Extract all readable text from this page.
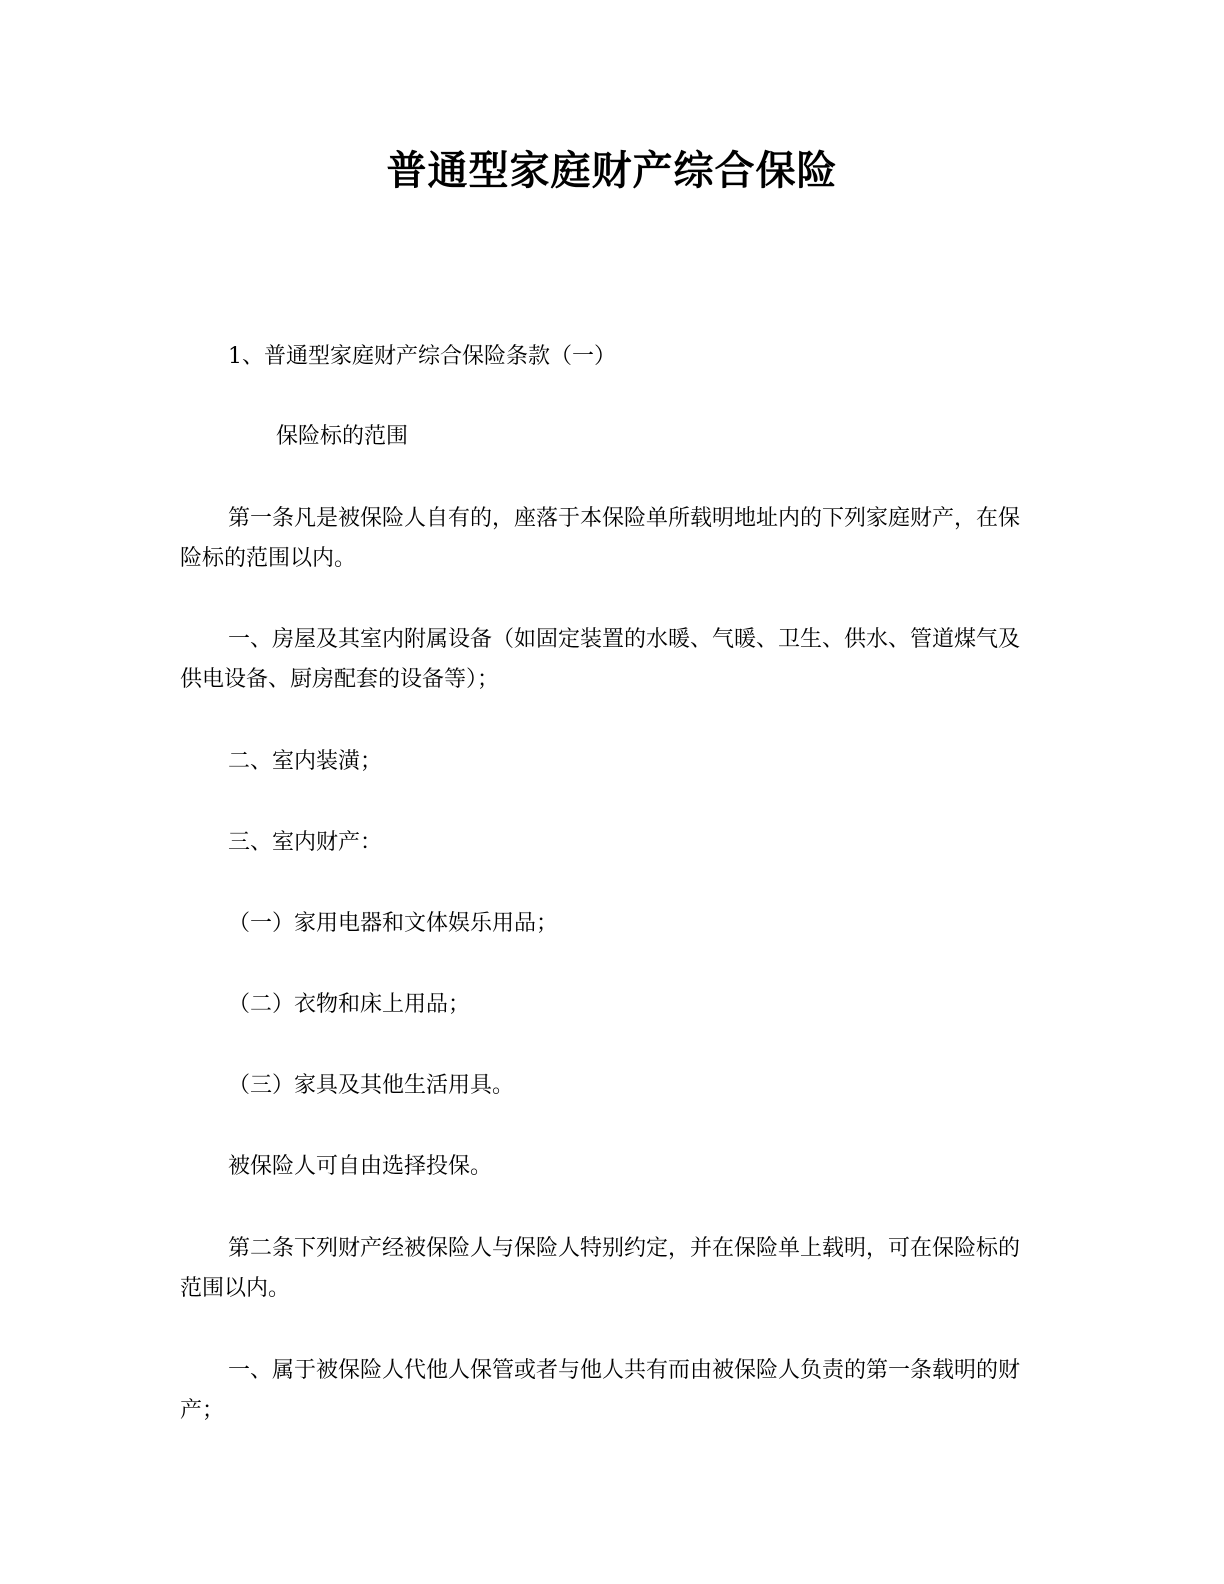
普通型家庭财产综合保险
1、普通型家庭财产综合保险条款（一）
保险标的范围
第一条凡是被保险人自有的，座落于本保险单所载明地址内的下列家庭财产，在保险标的范围以内。
一、房屋及其室内附属设备（如固定装置的水暖、气暖、卫生、供水、管道煤气及供电设备、厨房配套的设备等）；
二、室内装潢；
三、室内财产：
（一）家用电器和文体娱乐用品；
（二）衣物和床上用品；
（三）家具及其他生活用具。
被保险人可自由选择投保。
第二条下列财产经被保险人与保险人特别约定，并在保险单上载明，可在保险标的范围以内。
一、属于被保险人代他人保管或者与他人共有而由被保险人负责的第一条载明的财产；
